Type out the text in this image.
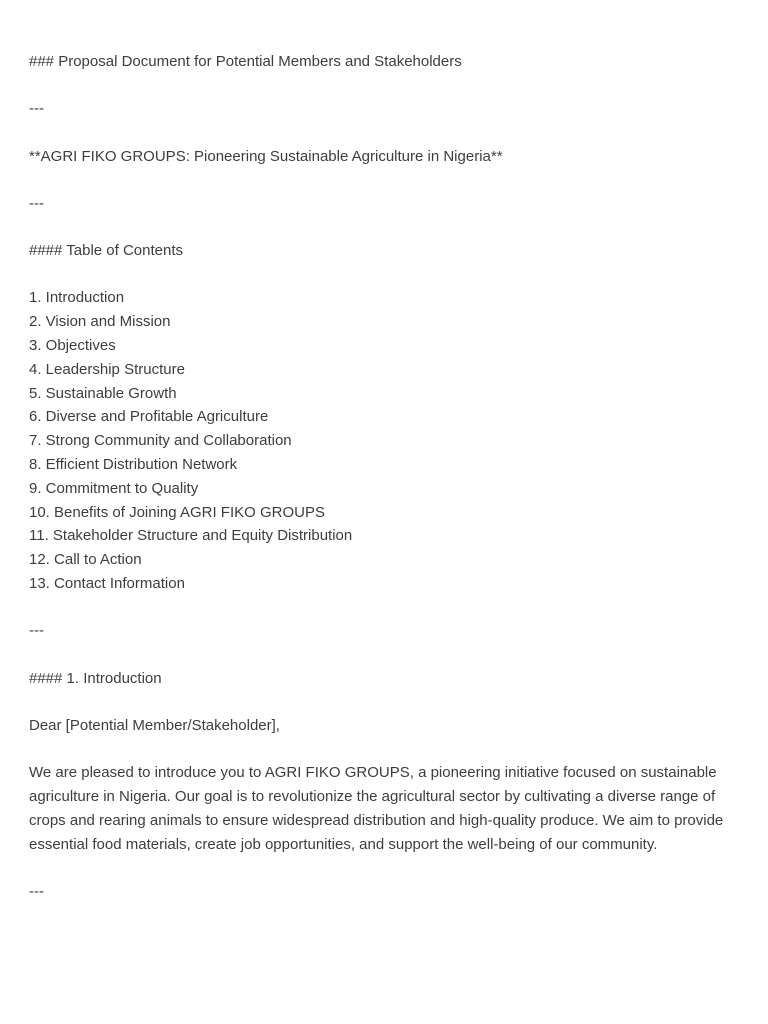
### Proposal Document for Potential Members and Stakeholders

---

**AGRI FIKO GROUPS: Pioneering Sustainable Agriculture in Nigeria**

---

#### Table of Contents

1. Introduction
2. Vision and Mission
3. Objectives
4. Leadership Structure
5. Sustainable Growth
6. Diverse and Profitable Agriculture
7. Strong Community and Collaboration
8. Efficient Distribution Network
9. Commitment to Quality
10. Benefits of Joining AGRI FIKO GROUPS
11. Stakeholder Structure and Equity Distribution
12. Call to Action
13. Contact Information

---

#### 1. Introduction

Dear [Potential Member/Stakeholder],

We are pleased to introduce you to AGRI FIKO GROUPS, a pioneering initiative focused on sustainable agriculture in Nigeria. Our goal is to revolutionize the agricultural sector by cultivating a diverse range of crops and rearing animals to ensure widespread distribution and high-quality produce. We aim to provide essential food materials, create job opportunities, and support the well-being of our community.

---
